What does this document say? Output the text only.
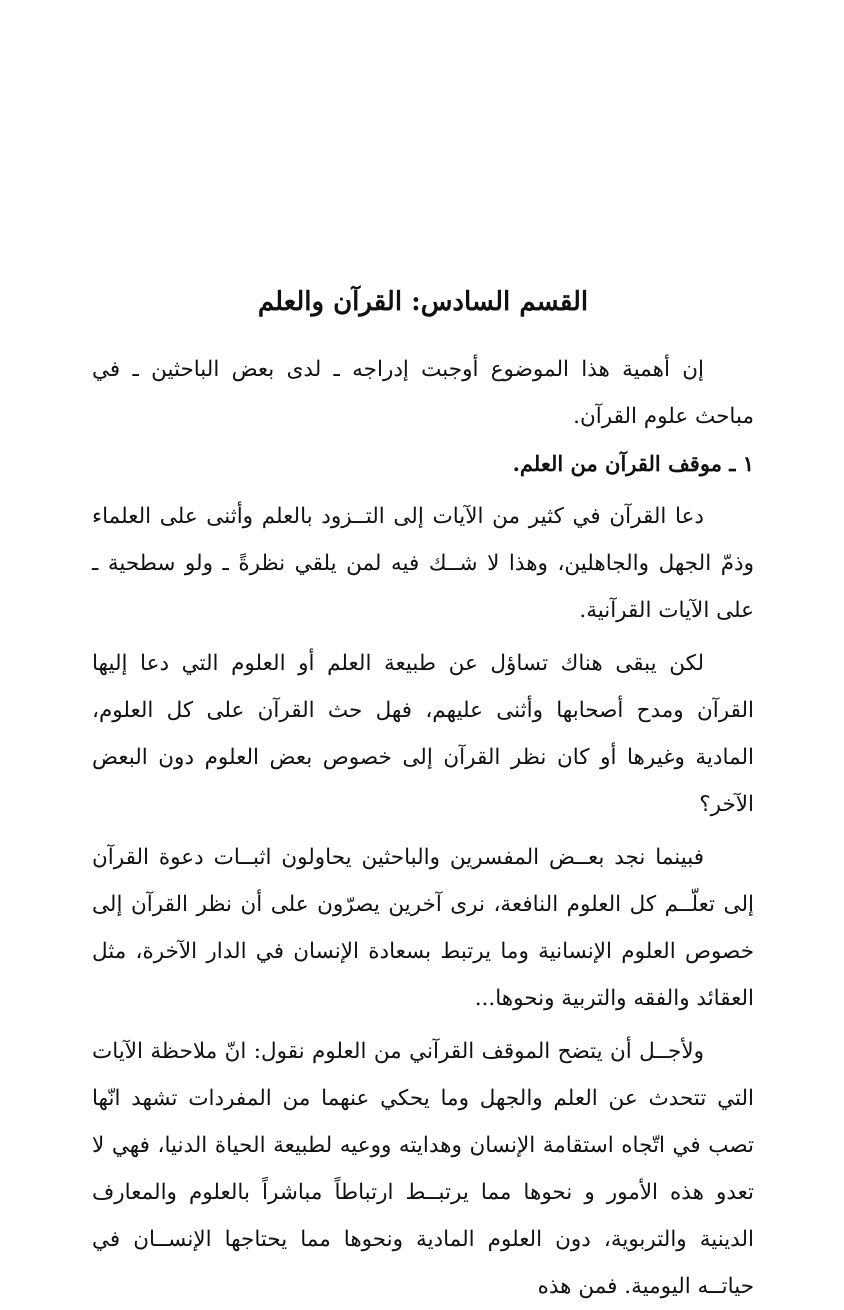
القسم السادس: القرآن والعلم

إن أهمية هذا الموضوع أوجبت إدراجه ـ لدى بعض الباحثين ـ في مباحث علوم القرآن.

١ ـ موقف القرآن من العلم.

دعا القرآن في كثير من الآيات إلى التــزود بالعلم وأثنى على العلماء وذمّ الجهل والجاهلين، وهذا لا شــك فيه لمن يلقي نظرةً ـ ولو سطحية ـ على الآيات القرآنية.

لكن يبقى هناك تساؤل عن طبيعة العلم أو العلوم التي دعا إليها القرآن ومدح أصحابها وأثنى عليهم، فهل حث القرآن على كل العلوم، المادية وغيرها أو كان نظر القرآن إلى خصوص بعض العلوم دون البعض الآخر؟

فبينما نجد بعــض المفسرين والباحثين يحاولون اثبــات دعوة القرآن إلى تعلّــم كل العلوم النافعة، نرى آخرين يصرّون على أن نظر القرآن إلى خصوص العلوم الإنسانية وما يرتبط بسعادة الإنسان في الدار الآخرة، مثل العقائد والفقه والتربية ونحوها...

ولأجــل أن يتضح الموقف القرآني من العلوم نقول: انّ ملاحظة الآيات التي تتحدث عن العلم والجهل وما يحكي عنهما من المفردات تشهد انّها تصب في اتّجاه استقامة الإنسان وهدايته ووعيه لطبيعة الحياة الدنيا، فهي لا تعدو هذه الأمور و نحوها مما يرتبــط ارتباطاً مباشراً بالعلوم والمعارف الدينية والتربوية، دون العلوم المادية ونحوها مما يحتاجها الإنســان في حياتــه اليومية. فمن هذه
